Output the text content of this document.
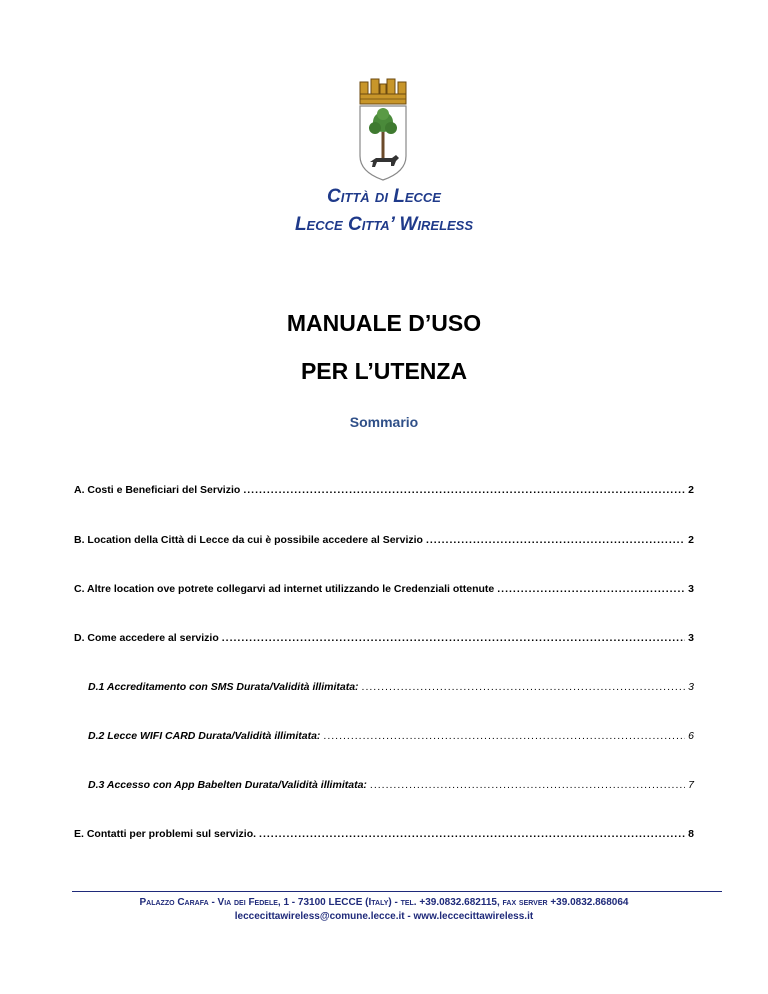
Città di Lecce
Lecce Citta’ Wireless
MANUALE D’USO
PER L’UTENZA
Sommario
A. Costi e Beneficiari del Servizio .....	2
B. Location della Città di Lecce da cui è possibile accedere al Servizio .....	2
C. Altre location ove potrete collegarvi ad internet utilizzando le Credenziali ottenute .....	3
D. Come accedere al servizio .....	3
D.1 Accreditamento con SMS Durata/Validità illimitata: .....	3
D.2 Lecce WIFI CARD Durata/Validità illimitata: .....	6
D.3 Accesso con App Babelten Durata/Validità illimitata: .....	7
E. Contatti per problemi sul servizio. .....	8
Palazzo Carafa - Via dei Fedele, 1 - 73100 LECCE (Italy) - tel. +39.0832.682115, fax server +39.0832.868064
leccecittawireless@comune.lecce.it - www.leccecittawireless.it
